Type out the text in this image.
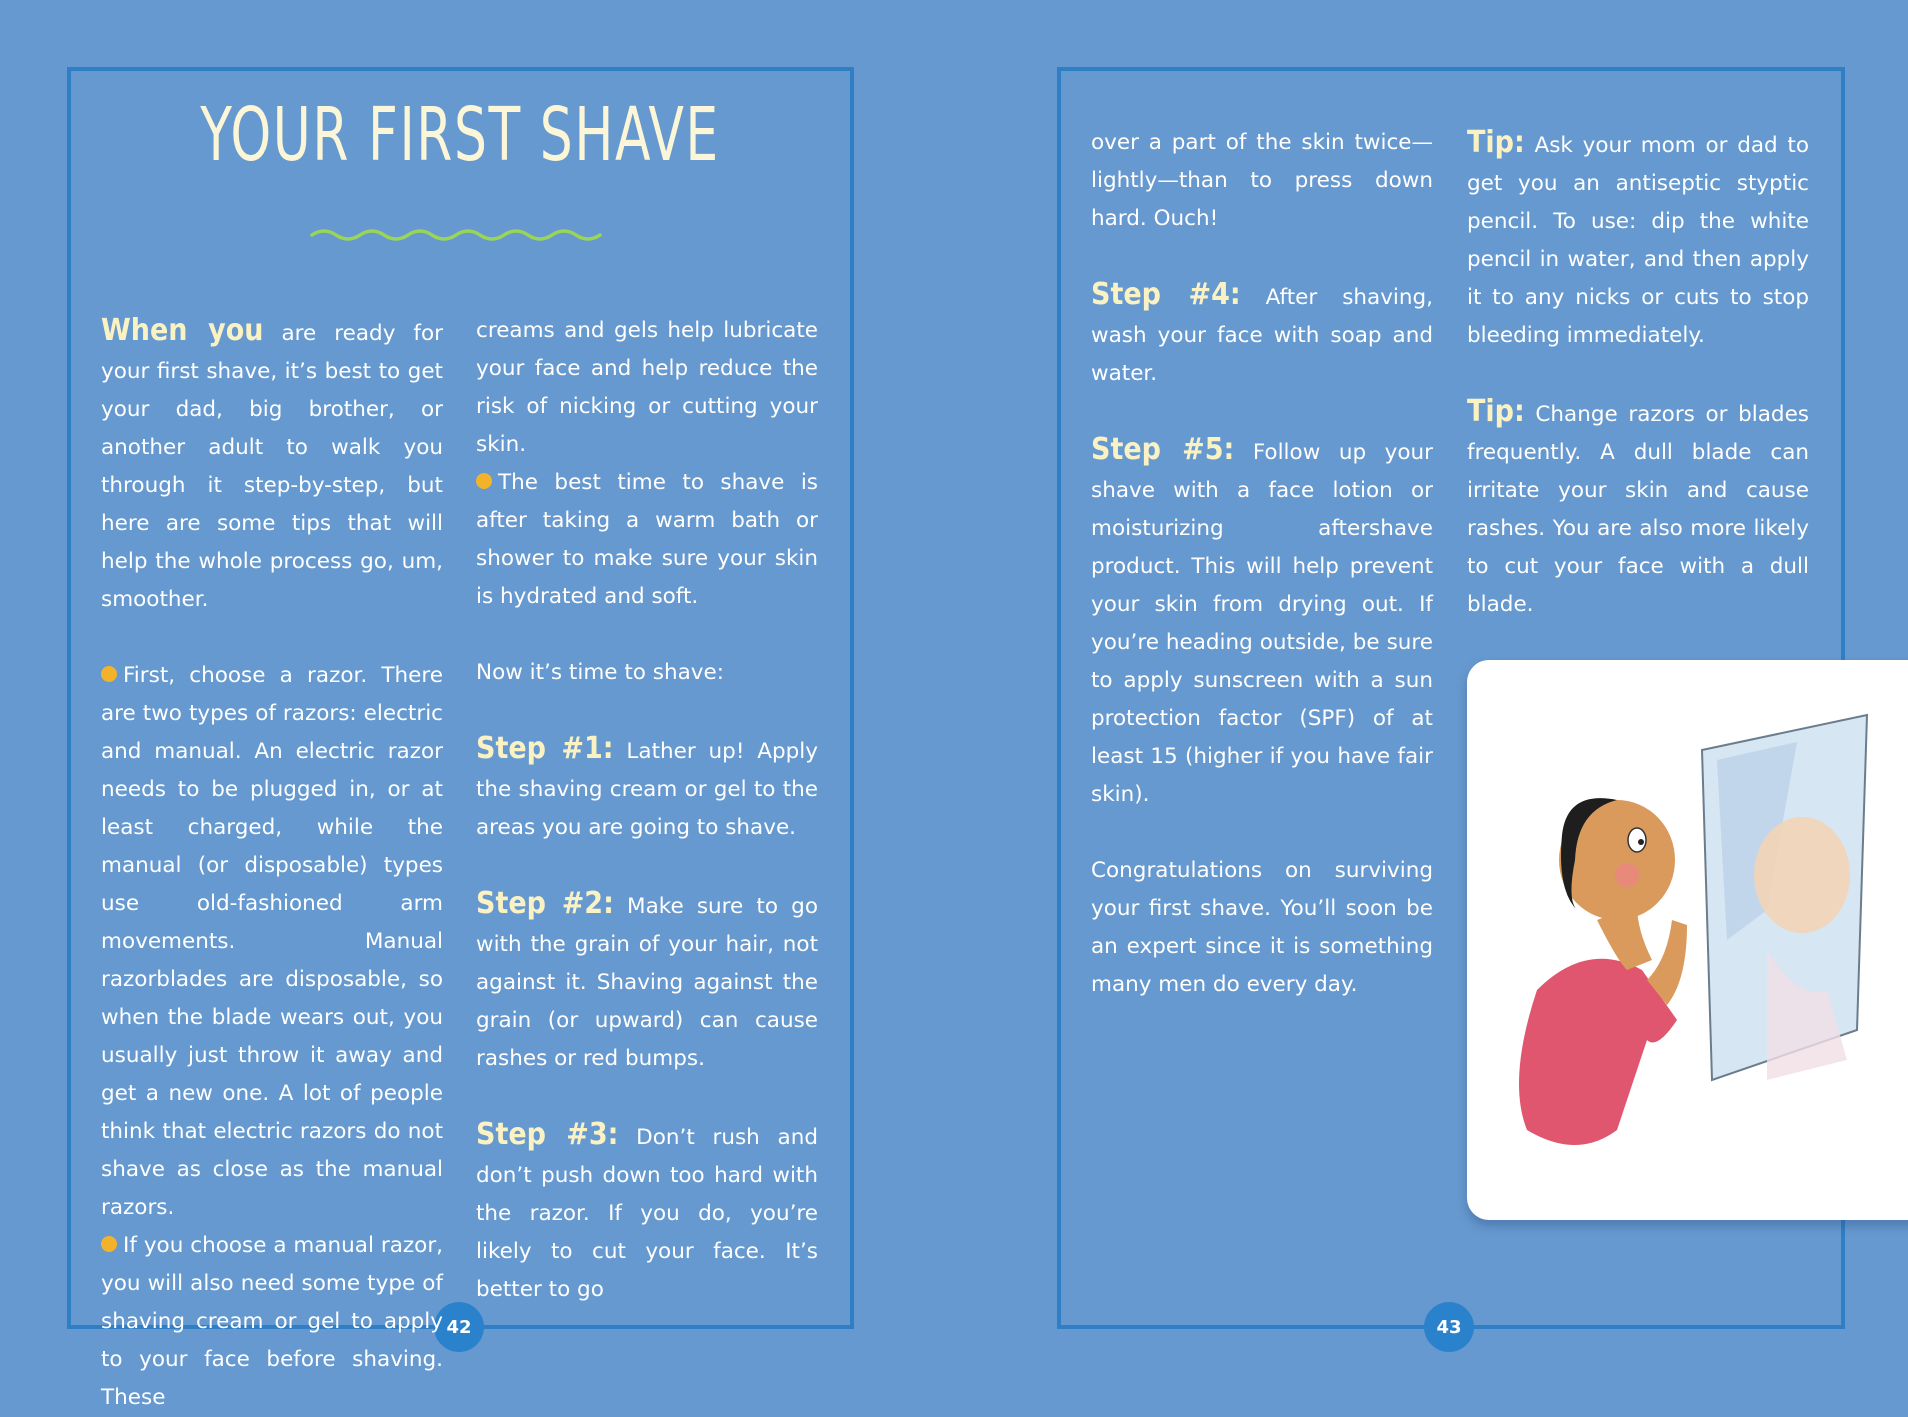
42
YOUR FIRST SHAVE

When you are ready for your first shave, it’s best to get your dad, big brother, or another adult to walk you through it step-by-step, but here are some tips that will help the whole process go, um, smoother.

First, choose a razor. There are two types of razors: electric and manual. An electric razor needs to be plugged in, or at least charged, while the manual (or disposable) types use old-fashioned arm movements. Manual razorblades are disposable, so when the blade wears out, you usually just throw it away and get a new one. A lot of people think that electric razors do not shave as close as the manual razors.

If you choose a manual razor, you will also need some type of shaving cream or gel to apply to your face before shaving. These

creams and gels help lubricate your face and help reduce the risk of nicking or cutting your skin.

The best time to shave is after taking a warm bath or shower to make sure your skin is hydrated and soft.

Now it’s time to shave:

Step #1: Lather up! Apply the shaving cream or gel to the areas you are going to shave.

Step #2: Make sure to go with the grain of your hair, not against it. Shaving against the grain (or upward) can cause rashes or red bumps.

Step #3: Don’t rush and don’t push down too hard with the razor. If you do, you’re likely to cut your face. It’s better to go

43

over a part of the skin twice—lightly—than to press down hard. Ouch!

Step #4: After shaving, wash your face with soap and water.

Step #5: Follow up your shave with a face lotion or moisturizing aftershave product. This will help prevent your skin from drying out. If you’re heading outside, be sure to apply sunscreen with a sun protection factor (SPF) of at least 15 (higher if you have fair skin).

Congratulations on surviving your first shave. You’ll soon be an expert since it is something many men do every day.

Tip: Ask your mom or dad to get you an antiseptic styptic pencil. To use: dip the white pencil in water, and then apply it to any nicks or cuts to stop bleeding immediately.

Tip: Change razors or blades frequently. A dull blade can irritate your skin and cause rashes. You are also more likely to cut your face with a dull blade.
